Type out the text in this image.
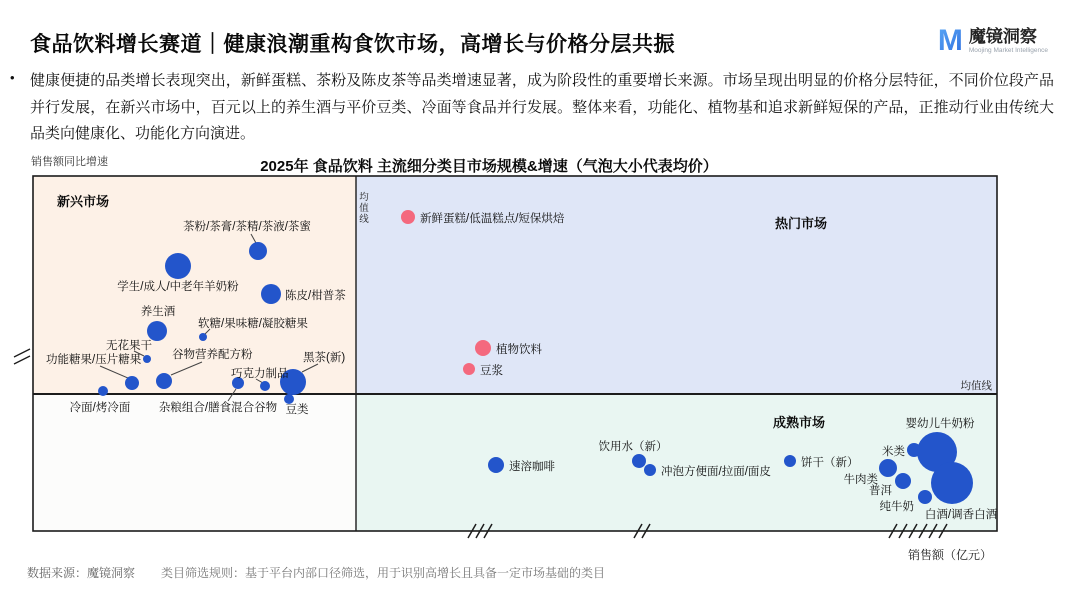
食品饮料增长赛道｜健康浪潮重构食饮市场，高增长与价格分层共振	M 魔镜洞察
Moojing Market Intelligence
• 健康便捷的品类增长表现突出，新鲜蛋糕、茶粉及陈皮茶等品类增速显著，成为阶段性的重要增长来源。市场呈现出明显的价格分层特征，不同价位段产品并行发展，在新兴市场中，百元以上的养生酒与平价豆类、冷面等食品并行发展。整体来看，功能化、植物基和追求新鲜短保的产品，正推动行业由传统大品类向健康化、功能化方向演进。
销售额同比增速	2025年 食品饮料 主流细分类目市场规模&增速（气泡大小代表均价）
销售额（亿元）
均值线
均值线
新兴市场
热门市场
成熟市场
茶粉/茶膏/茶精/茶液/茶蜜
学生/成人/中老年羊奶粉
陈皮/柑普茶
养生酒
软糖/果味糖/凝胶糖果
无花果干
功能糖果/压片糖果	谷物营养配方粉
巧克力制品
黑茶(新)
冷面/烤冷面 杂粮组合/膳食混合谷物 豆类
新鲜蛋糕/低温糕点/短保烘焙
植物饮料
豆浆
速溶咖啡
饮用水（新）
冲泡方便面/拉面/面皮
饼干（新）
米类
牛肉类
普洱
纯牛奶
婴幼儿牛奶粉
白酒/调香白酒
数据来源：魔镜洞察 类目筛选规则：基于平台内部口径筛选，用于识别高增长且具备一定市场基础的类目
